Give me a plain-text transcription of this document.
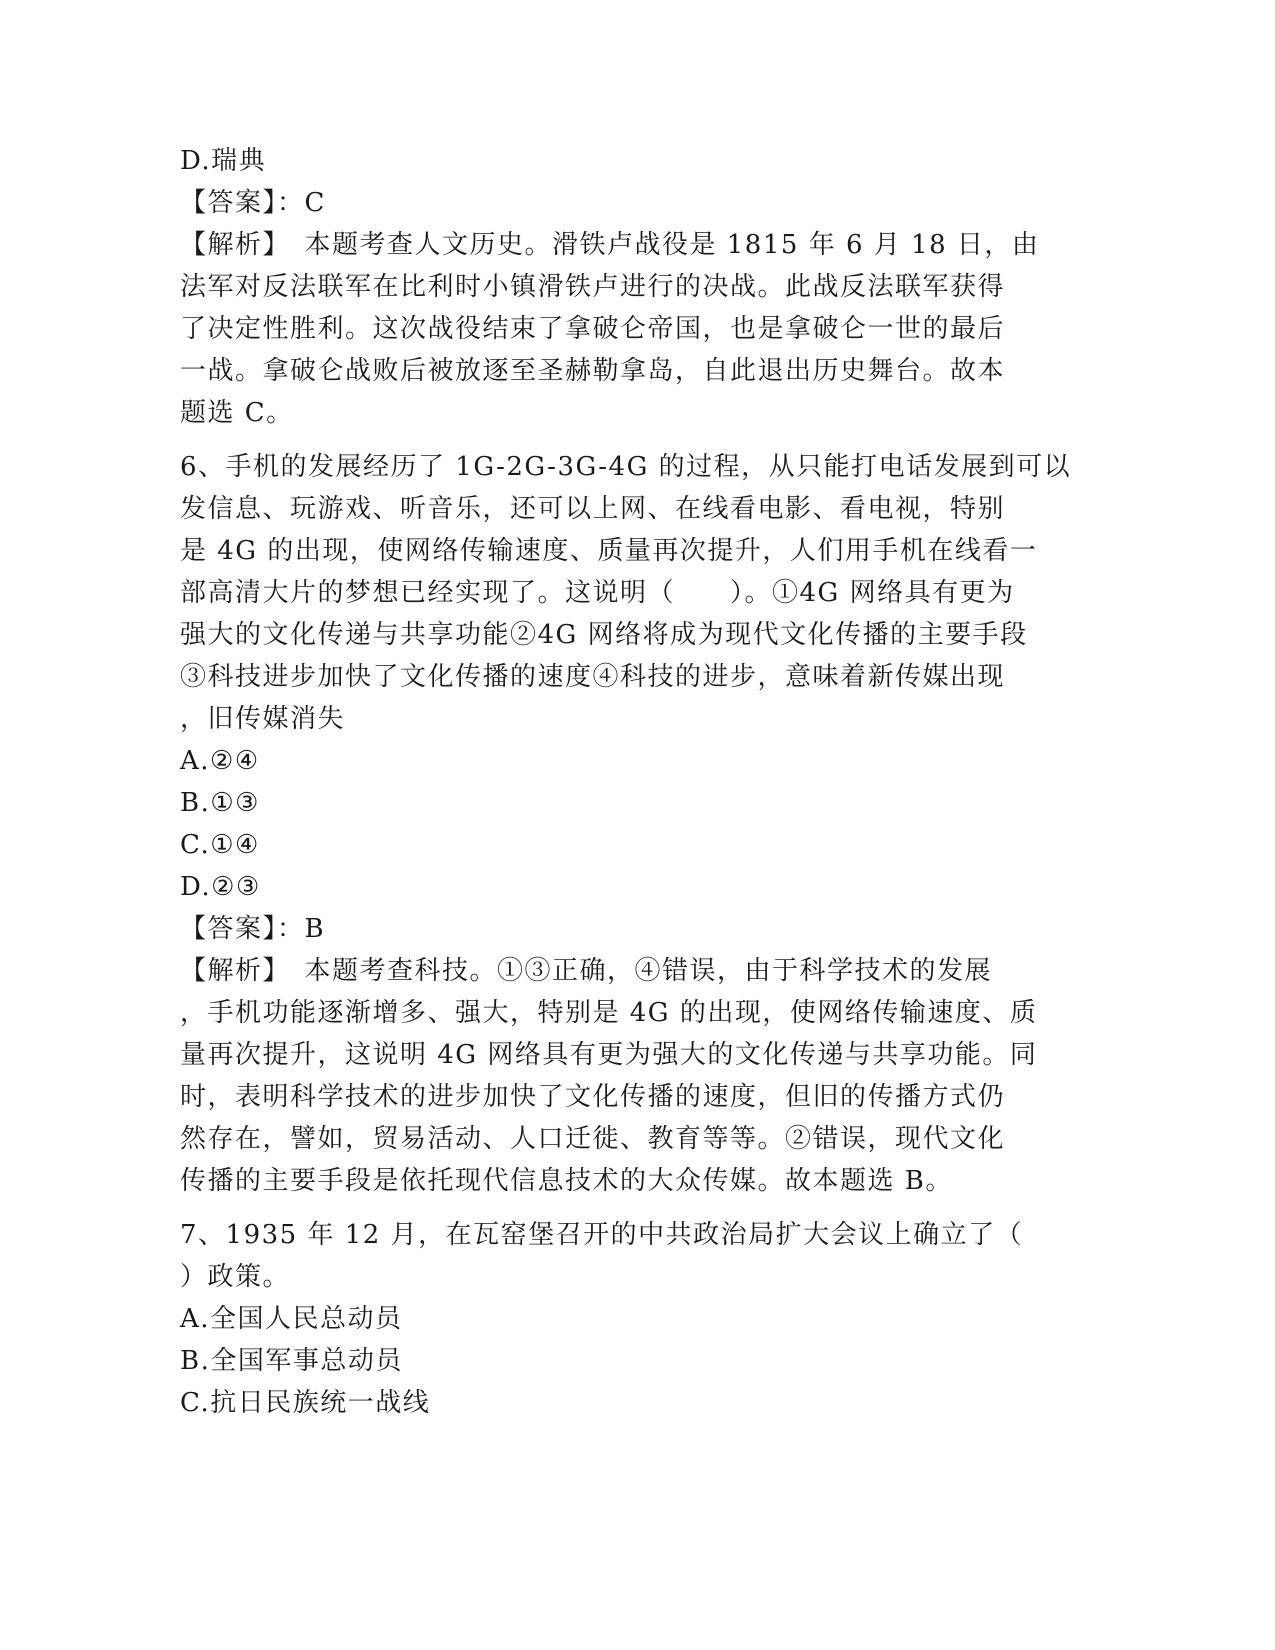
D.瑞典
【答案】：C
【解析】　本题考查人文历史。滑铁卢战役是 1815 年 6 月 18 日，由
法军对反法联军在比利时小镇滑铁卢进行的决战。此战反法联军获得
了决定性胜利。这次战役结束了拿破仑帝国，也是拿破仑一世的最后
一战。拿破仑战败后被放逐至圣赫勒拿岛，自此退出历史舞台。故本
题选 C。
6、手机的发展经历了 1G-2G-3G-4G 的过程，从只能打电话发展到可以
发信息、玩游戏、听音乐，还可以上网、在线看电影、看电视，特别
是 4G 的出现，使网络传输速度、质量再次提升，人们用手机在线看一
部高清大片的梦想已经实现了。这说明（　　）。①4G 网络具有更为
强大的文化传递与共享功能②4G 网络将成为现代文化传播的主要手段
③科技进步加快了文化传播的速度④科技的进步，意味着新传媒出现
，旧传媒消失
A.②④
B.①③
C.①④
D.②③
【答案】：B
【解析】　本题考查科技。①③正确，④错误，由于科学技术的发展
，手机功能逐渐增多、强大，特别是 4G 的出现，使网络传输速度、质
量再次提升，这说明 4G 网络具有更为强大的文化传递与共享功能。同
时，表明科学技术的进步加快了文化传播的速度，但旧的传播方式仍
然存在，譬如，贸易活动、人口迁徙、教育等等。②错误，现代文化
传播的主要手段是依托现代信息技术的大众传媒。故本题选 B。
7、1935 年 12 月，在瓦窑堡召开的中共政治局扩大会议上确立了（
）政策。
A.全国人民总动员
B.全国军事总动员
C.抗日民族统一战线
